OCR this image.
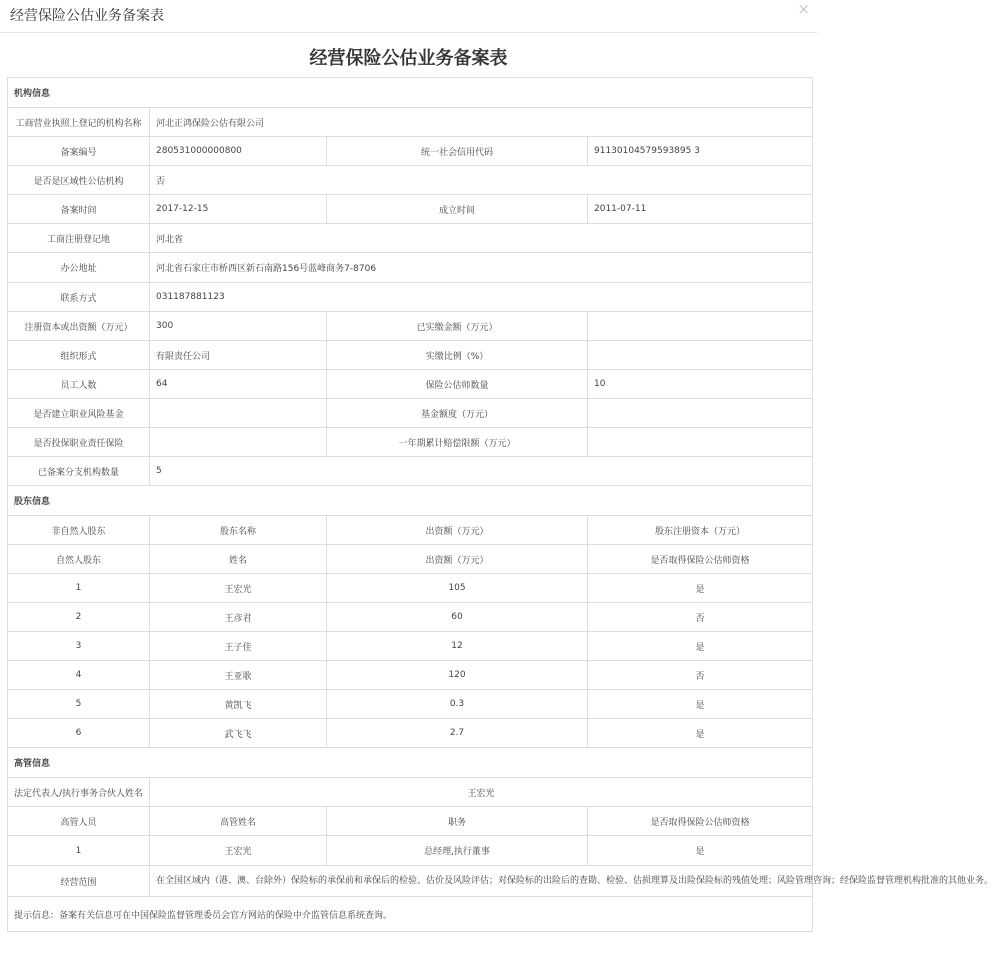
经营保险公估业务备案表	×
经营保险公估业务备案表
机构信息			
工商营业执照上登记的机构名称	河北正鸿保险公估有限公司		
备案编号	280531000000800	统一社会信用代码	91130104579593895 3
是否是区域性公估机构	否		
备案时间	2017-12-15	成立时间	2011-07-11
工商注册登记地	河北省		
办公地址	河北省石家庄市桥西区新石南路156号蓝峰商务7-8706		
联系方式	031187881123		
注册资本或出资额（万元）	300	已实缴金额（万元）	
组织形式	有限责任公司	实缴比例（%）	
员工人数	64	保险公估师数量	10
是否建立职业风险基金		基金额度（万元）	
是否投保职业责任保险		一年期累计赔偿限额（万元）	
已备案分支机构数量	5		
股东信息			
非自然人股东	股东名称	出资额（万元）	股东注册资本（万元）
自然人股东	姓名	出资额（万元）	是否取得保险公估师资格
1	王宏光	105	是
2	王彦君	60	否
3	王子佳	12	是
4	王亚歌	120	否
5	黄凯飞	0.3	是
6	武飞飞	2.7	是
高管信息			
法定代表人/执行事务合伙人姓名	王宏光		
高管人员	高管姓名	职务	是否取得保险公估师资格
1	王宏光	总经理,执行董事	是
经营范围	在全国区域内（港、澳、台除外）保险标的承保前和承保后的检验、估价及风险评估；对保险标的出险后的查勘、检验、估损理算及出险保险标的残值处理；风险管理咨询；经保险监督管理机构批准的其他业务。		
提示信息：备案有关信息可在中国保险监督管理委员会官方网站的保险中介监管信息系统查询。			
